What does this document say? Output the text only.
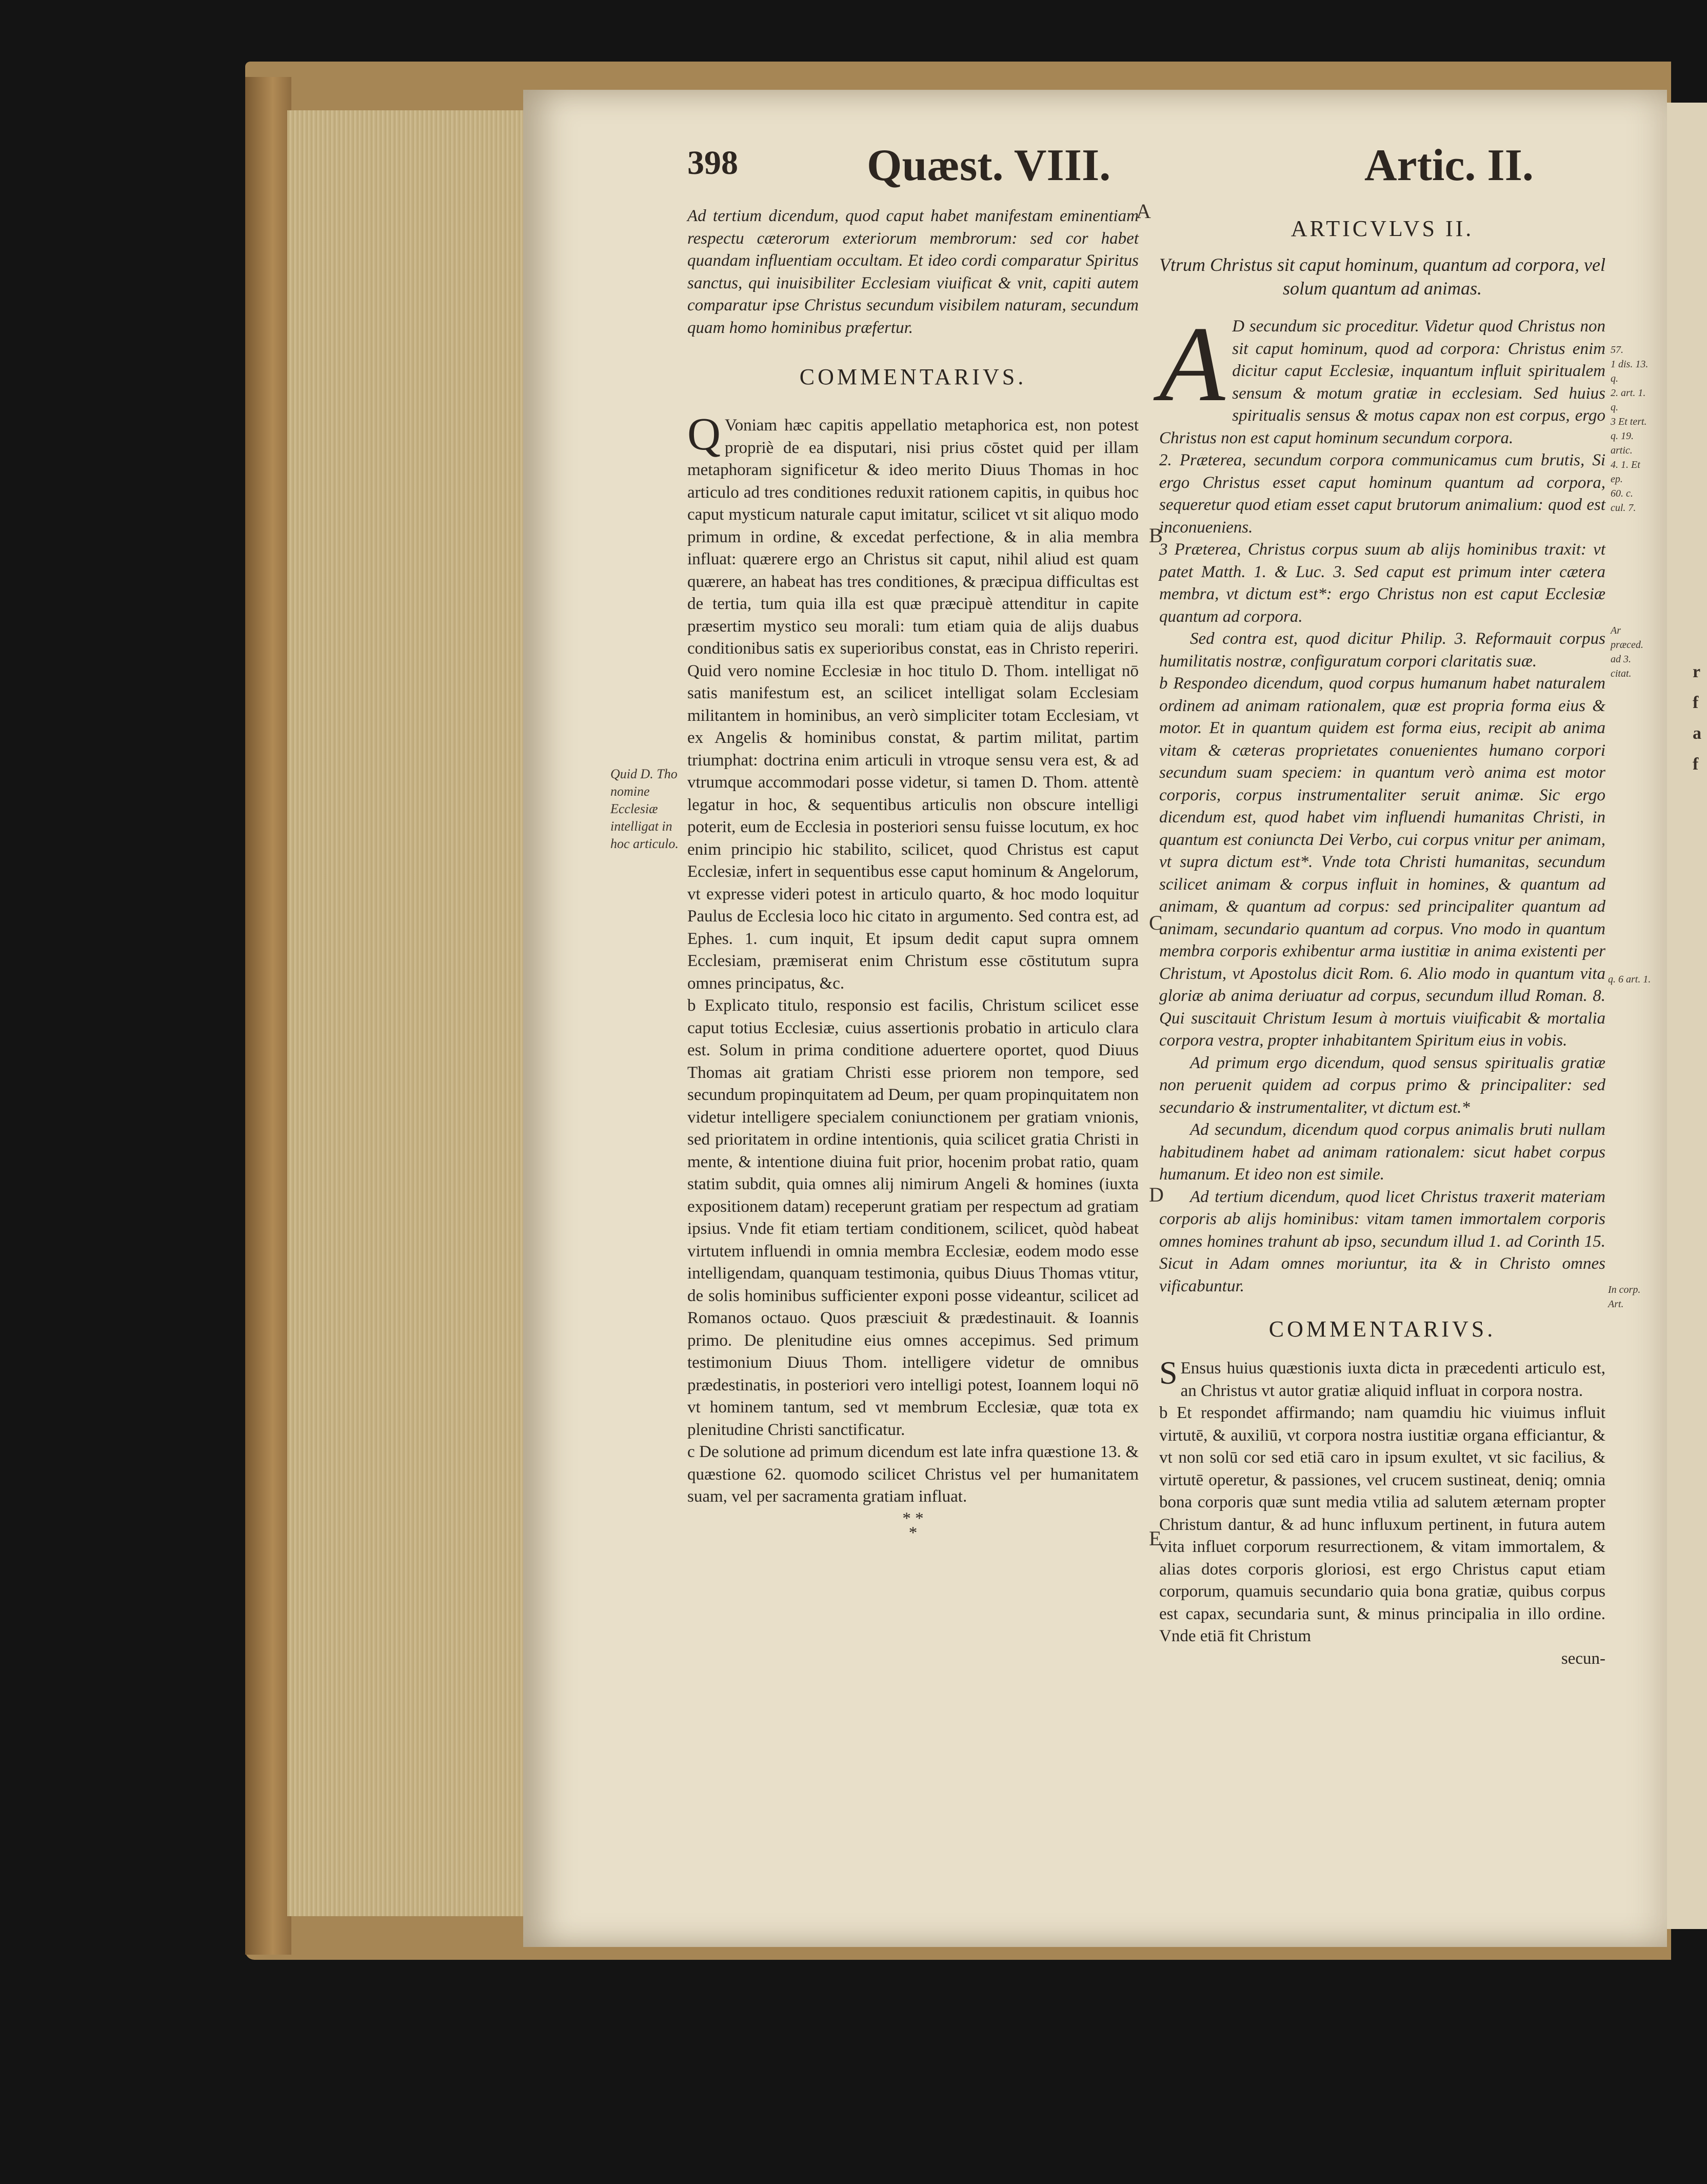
r
f
a
f
398	Quæst. VIII.	Artic. II.
A
B
C
D
E
Quid D. Tho nomine Ecclesiæ intelligat in hoc articulo.

Ad tertium dicendum, quod caput habet manifestam eminentiam respectu cæterorum exteriorum membrorum: sed cor habet quandam influentiam occultam. Et ideo cordi comparatur Spiritus sanctus, qui inuisibiliter Ecclesiam viuificat & vnit, capiti autem comparatur ipse Christus secundum visibilem naturam, secundum quam homo hominibus præfertur.

COMMENTARIVS.
Q Voniam hæc capitis appellatio metaphorica est, non potest propriè de ea disputari, nisi prius cōstet quid per illam metaphoram significetur & ideo merito Diuus Thomas in hoc articulo ad tres conditiones reduxit rationem capitis, in quibus hoc caput mysticum naturale caput imitatur, scilicet vt sit aliquo modo primum in ordine, & excedat perfectione, & in alia membra influat: quærere ergo an Christus sit caput, nihil aliud est quam quærere, an habeat has tres conditiones, & præcipua difficultas est de tertia, tum quia illa est quæ præcipuè attenditur in capite præsertim mystico seu morali: tum etiam quia de alijs duabus conditionibus satis ex superioribus constat, eas in Christo reperiri. Quid vero nomine Ecclesiæ in hoc titulo D. Thom. intelligat nō satis manifestum est, an scilicet intelligat solam Ecclesiam militantem in hominibus, an verò simpliciter totam Ecclesiam, vt ex Angelis & hominibus constat, & partim militat, partim triumphat: doctrina enim articuli in vtroque sensu vera est, & ad vtrumque accommodari posse videtur, si tamen D. Thom. attentè legatur in hoc, & sequentibus articulis non obscure intelligi poterit, eum de Ecclesia in posteriori sensu fuisse locutum, ex hoc enim principio hic stabilito, scilicet, quod Christus est caput Ecclesiæ, infert in sequentibus esse caput hominum & Angelorum, vt expresse videri potest in articulo quarto, & hoc modo loquitur Paulus de Ecclesia loco hic citato in argumento. Sed contra est, ad Ephes. 1. cum inquit, Et ipsum dedit caput supra omnem Ecclesiam, præmiserat enim Christum esse cōstitutum supra omnes principatus, &c.

b Explicato titulo, responsio est facilis, Christum scilicet esse caput totius Ecclesiæ, cuius assertionis probatio in articulo clara est. Solum in prima conditione aduertere oportet, quod Diuus Thomas ait gratiam Christi esse priorem non tempore, sed secundum propinquitatem ad Deum, per quam propinquitatem non videtur intelligere specialem coniunctionem per gratiam vnionis, sed prioritatem in ordine intentionis, quia scilicet gratia Christi in mente, & intentione diuina fuit prior, hocenim probat ratio, quam statim subdit, quia omnes alij nimirum Angeli & homines (iuxta expositionem datam) receperunt gratiam per respectum ad gratiam ipsius. Vnde fit etiam tertiam conditionem, scilicet, quòd habeat virtutem influendi in omnia membra Ecclesiæ, eodem modo esse intelligendam, quanquam testimonia, quibus Diuus Thomas vtitur, de solis hominibus sufficienter exponi posse videantur, scilicet ad Romanos octauo. Quos præsciuit & prædestinauit. & Ioannis primo. De plenitudine eius omnes accepimus. Sed primum testimonium Diuus Thom. intelligere videtur de omnibus prædestinatis, in posteriori vero intelligi potest, Ioannem loqui nō vt hominem tantum, sed vt membrum Ecclesiæ, quæ tota ex plenitudine Christi sanctificatur.

c De solutione ad primum dicendum est late infra quæstione 13. & quæstione 62. quomodo scilicet Christus vel per humanitatem suam, vel per sacramenta gratiam influat.

* *
*
ARTICVLVS II.
Vtrum Christus sit caput hominum, quantum ad corpora, vel solum quantum ad animas.
A D secundum sic proceditur. Videtur quod Christus non sit caput hominum, quod ad corpora: Christus enim dicitur caput Ecclesiæ, inquantum influit spiritualem sensum & motum gratiæ in ecclesiam. Sed huius spiritualis sensus & motus capax non est corpus, ergo Christus non est caput hominum secundum corpora.

2. Præterea, secundum corpora communicamus cum brutis, Si ergo Christus esset caput hominum quantum ad corpora, sequeretur quod etiam esset caput brutorum animalium: quod est inconueniens.

3 Præterea, Christus corpus suum ab alijs hominibus traxit: vt patet Matth. 1. & Luc. 3. Sed caput est primum inter cætera membra, vt dictum est*: ergo Christus non est caput Ecclesiæ quantum ad corpora.

Sed contra est, quod dicitur Philip. 3. Reformauit corpus humilitatis nostræ, configuratum corpori claritatis suæ.

b Respondeo dicendum, quod corpus humanum habet naturalem ordinem ad animam rationalem, quæ est propria forma eius & motor. Et in quantum quidem est forma eius, recipit ab anima vitam & cæteras proprietates conuenientes humano corpori secundum suam speciem: in quantum verò anima est motor corporis, corpus instrumentaliter seruit animæ. Sic ergo dicendum est, quod habet vim influendi humanitas Christi, in quantum est coniuncta Dei Verbo, cui corpus vnitur per animam, vt supra dictum est*. Vnde tota Christi humanitas, secundum scilicet animam & corpus influit in homines, & quantum ad animam, & quantum ad corpus: sed principaliter quantum ad animam, secundario quantum ad corpus. Vno modo in quantum membra corporis exhibentur arma iustitiæ in anima existenti per Christum, vt Apostolus dicit Rom. 6. Alio modo in quantum vita gloriæ ab anima deriuatur ad corpus, secundum illud Roman. 8. Qui suscitauit Christum Iesum à mortuis viuificabit & mortalia corpora vestra, propter inhabitantem Spiritum eius in vobis.

Ad primum ergo dicendum, quod sensus spiritualis gratiæ non peruenit quidem ad corpus primo & principaliter: sed secundario & instrumentaliter, vt dictum est.*

Ad secundum, dicendum quod corpus animalis bruti nullam habitudinem habet ad animam rationalem: sicut habet corpus humanum. Et ideo non est simile.

Ad tertium dicendum, quod licet Christus traxerit materiam corporis ab alijs hominibus: vitam tamen immortalem corporis omnes homines trahunt ab ipso, secundum illud 1. ad Corinth 15. Sicut in Adam omnes moriuntur, ita & in Christo omnes vificabuntur.

COMMENTARIVS.
S Ensus huius quæstionis iuxta dicta in præcedenti articulo est, an Christus vt autor gratiæ aliquid influat in corpora nostra.

b Et respondet affirmando; nam quamdiu hic viuimus influit virtutē, & auxiliū, vt corpora nostra iustitiæ organa efficiantur, & vt non solū cor sed etiā caro in ipsum exultet, vt sic facilius, & virtutē operetur, & passiones, vel crucem sustineat, deniq; omnia bona corporis quæ sunt media vtilia ad salutem æternam propter Christum dantur, & ad hunc influxum pertinent, in futura autem vita influet corporum resurrectionem, & vitam immortalem, & alias dotes corporis gloriosi, est ergo Christus caput etiam corporum, quamuis secundario quia bona gratiæ, quibus corpus est capax, secundaria sunt, & minus principalia in illo ordine. Vnde etiā fit Christum

secun-
57.
1 dis. 13. q.
2. art. 1. q.
3 Et tert.
q. 19. artic.
4. 1. Et ep.
60. c.
cul. 7.
Ar præced.
ad 3. citat.
q. 6 art. 1.
In corp. Art.
